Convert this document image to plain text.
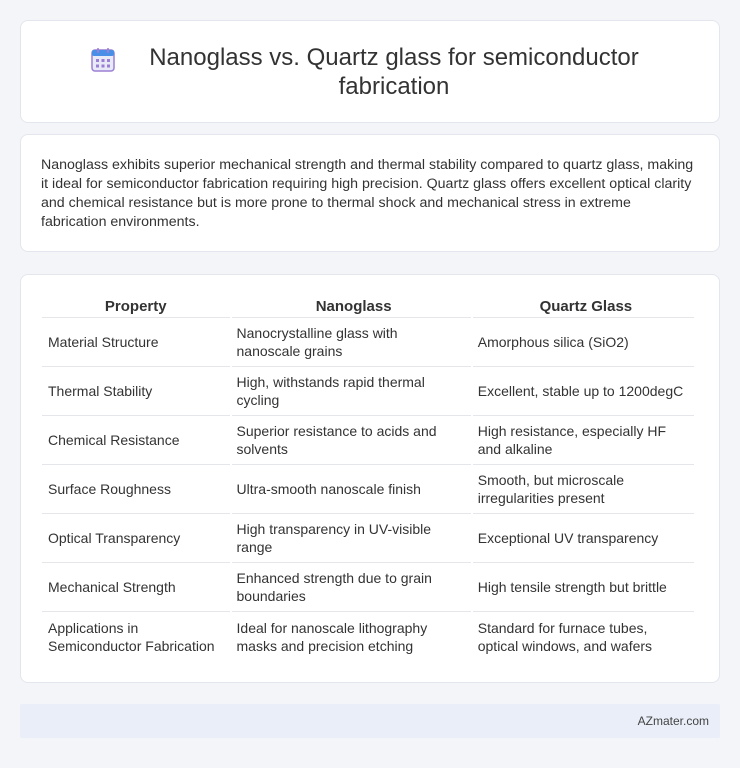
Nanoglass vs. Quartz glass for semiconductor fabrication

Nanoglass exhibits superior mechanical strength and thermal stability compared to quartz glass, making it ideal for semiconductor fabrication requiring high precision. Quartz glass offers excellent optical clarity and chemical resistance but is more prone to thermal shock and mechanical stress in extreme fabrication environments.

Property	Nanoglass	Quartz Glass
Material Structure	Nanocrystalline glass with nanoscale grains	Amorphous silica (SiO2)
Thermal Stability	High, withstands rapid thermal cycling	Excellent, stable up to 1200degC
Chemical Resistance	Superior resistance to acids and solvents	High resistance, especially HF and alkaline
Surface Roughness	Ultra-smooth nanoscale finish	Smooth, but microscale irregularities present
Optical Transparency	High transparency in UV-visible range	Exceptional UV transparency
Mechanical Strength	Enhanced strength due to grain boundaries	High tensile strength but brittle
Applications in Semiconductor Fabrication	Ideal for nanoscale lithography masks and precision etching	Standard for furnace tubes, optical windows, and wafers
AZmater.com
